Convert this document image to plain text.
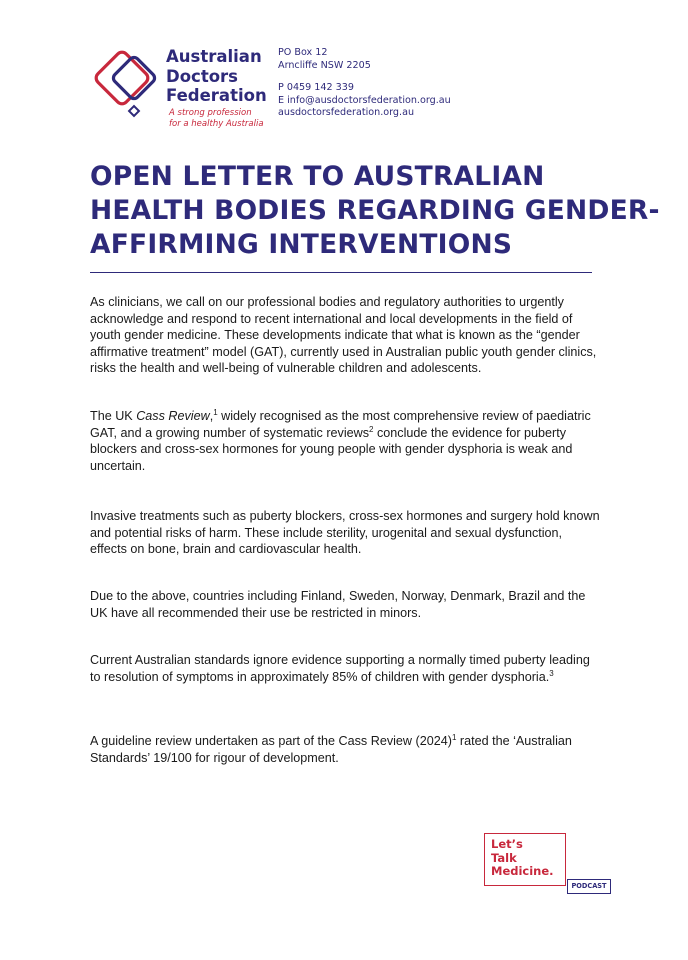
Australian
Doctors
Federation
A strong profession
for a healthy Australia
PO Box 12
Arncliffe NSW 2205
P 0459 142 339
E info@ausdoctorsfederation.org.au
ausdoctorsfederation.org.au
OPEN LETTER TO AUSTRALIAN
HEALTH BODIES REGARDING GENDER-
AFFIRMING INTERVENTIONS

As clinicians, we call on our professional bodies and regulatory authorities to urgently acknowledge and respond to recent international and local developments in the field of youth gender medicine. These developments indicate that what is known as the “gender affirmative treatment” model (GAT), currently used in Australian public youth gender clinics, risks the health and well-being of vulnerable children and adolescents.

The UK Cass Review,$^1$ widely recognised as the most comprehensive review of paediatric GAT, and a growing number of systematic reviews$^2$ conclude the evidence for puberty blockers and cross-sex hormones for young people with gender dysphoria is weak and uncertain.

Invasive treatments such as puberty blockers, cross-sex hormones and surgery hold known and potential risks of harm. These include sterility, urogenital and sexual dysfunction, effects on bone, brain and cardiovascular health.

Due to the above, countries including Finland, Sweden, Norway, Denmark, Brazil and the UK have all recommended their use be restricted in minors.

Current Australian standards ignore evidence supporting a normally timed puberty leading to resolution of symptoms in approximately 85% of children with gender dysphoria.$^3$

A guideline review undertaken as part of the Cass Review $(2024)^1$ rated the ‘Australian Standards’ 19/100 for rigour of development.

Let’s
Talk
Medicine.
PODCAST
